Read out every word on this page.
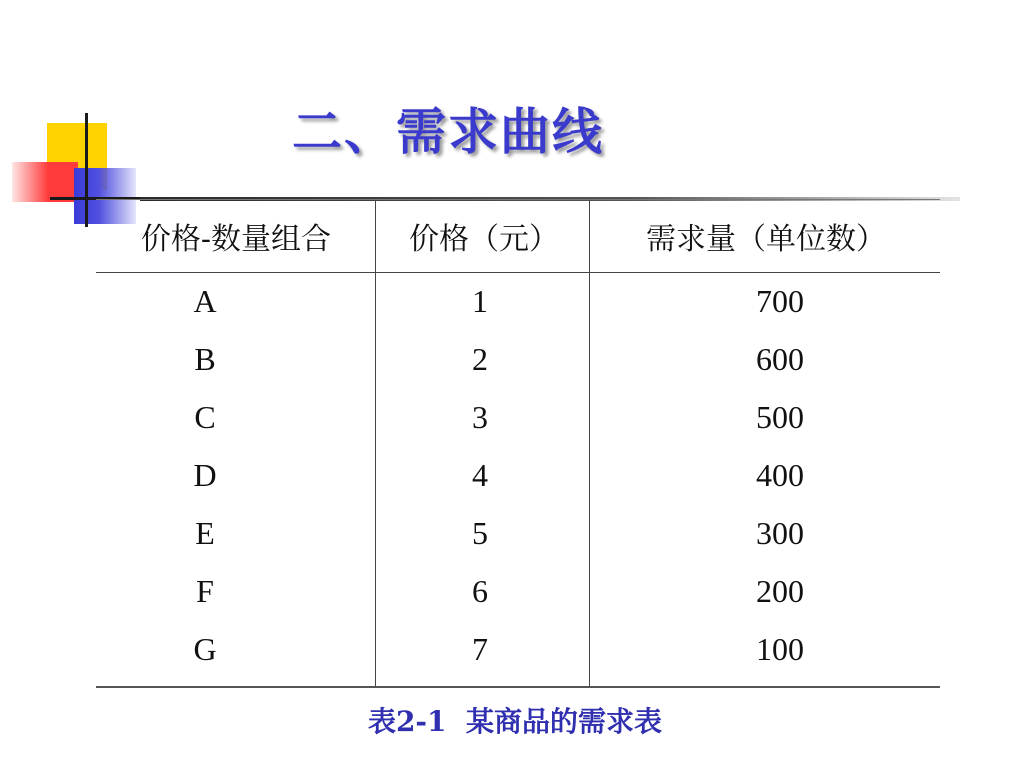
二、需求曲线
价格-数量组合	价格（元）	需求量（单位数）
A	1	700
B	2	600
C	3	500
D	4	400
E	5	300
F	6	200
G	7	100
表2-1  某商品的需求表
